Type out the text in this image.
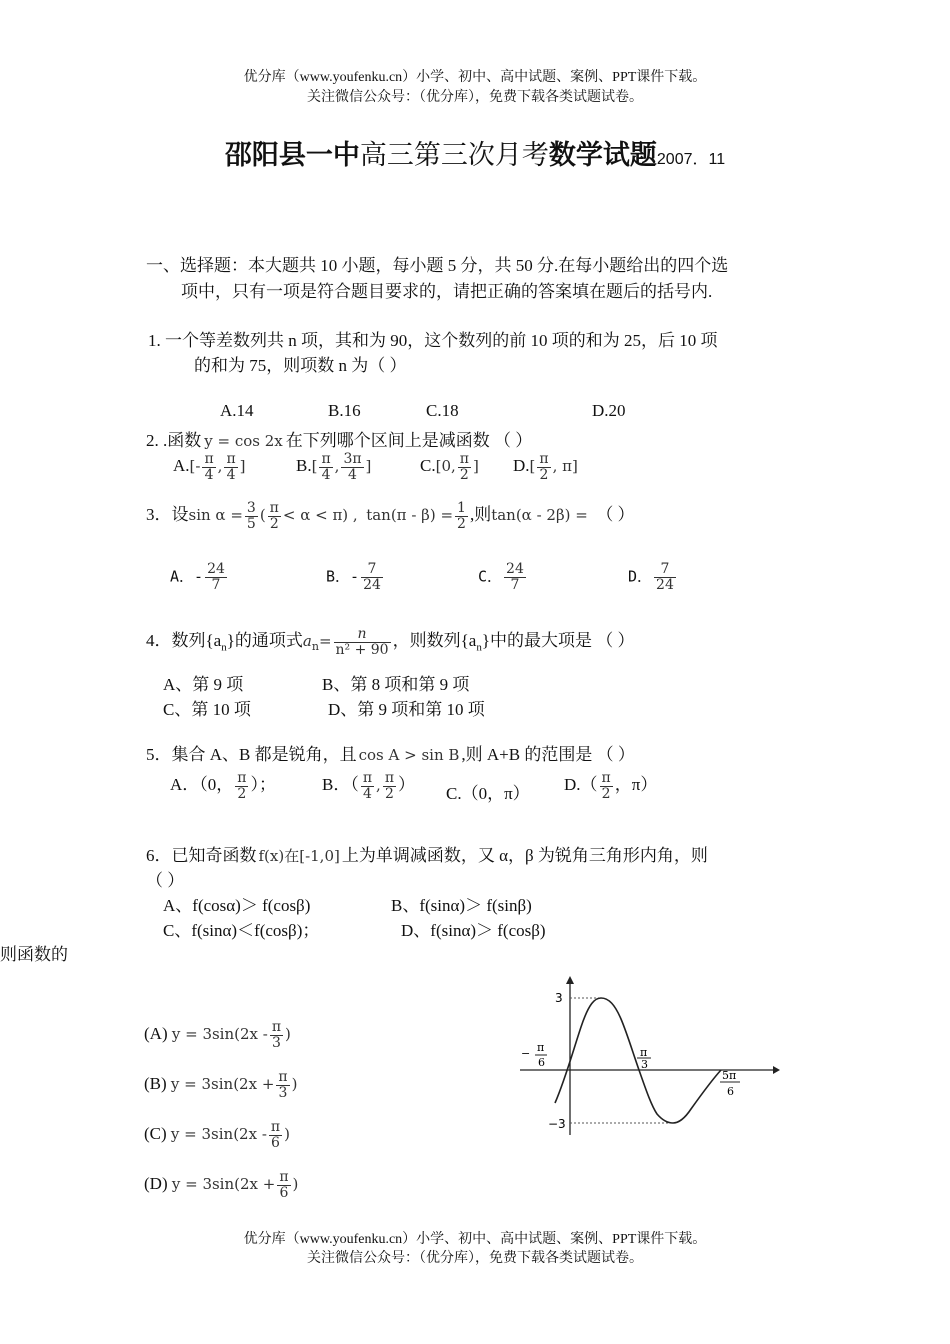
优分库（www.youfenku.cn）小学、初中、高中试题、案例、PPT课件下载。
关注微信公众号：（优分库），免费下载各类试题试卷。
邵阳县一中高三第三次月考数学试题2007．11
一、选择题：本大题共 10 小题，每小题 5 分，共 50 分.在每小题给出的四个选
项中，只有一项是符合题目要求的，请把正确的答案填在题后的括号内.
1. 一个等差数列共 n 项，其和为 90，这个数列的前 10 项的和为 25，后 10 项
的和为 75，则项数 n 为（ ）
A.14	B.16	C.18	D.20
2. .函数 y = cos 2x 在下列哪个区间上是减函数 （ ）
$A.[- \frac{\pi}{4}$ , $\frac{\pi}{4}$ ]	$B.[ \frac{\pi}{4}$ , $\frac{3\pi}{4}$ ]	C.[0, $\frac{\pi}{2}$ ] $D.[ \frac{\pi}{2}$ , π]
3．设$\sin \alpha = \frac{3}{5}$ ( $\frac{\pi}{2} < \alpha < \pi$) , $\tan(\pi - \beta) = \frac{1}{2}$ ,则tan(α - 2β) = （ ）
A．- $\frac{24}{7}$	B．- $\frac{7}{24}$	C． $\frac{24}{7}$	D． $\frac{7}{24}$
4．数列$\{a_n\}$的通项式$a_n= \frac{n}{\text{n² + 90}}$ ，则数列$\{a_n\}$中的最大项是 （ ）
A、第 9 项	B、第 8 项和第 9 项
C、第 10 项	D、第 9 项和第 10 项
5．集合 A、B 都是锐角，且 cos A > sin B ,则 A+B 的范围是 （ ）
A．（0， $\frac{\pi}{2}$ ）；	B．（ $\frac{\pi}{4}$ , $\frac{\pi}{2}$ ） C.（0，π） $D.( \frac{\pi}{2}$ ，π）
6．已知奇函数 f(x)在[-1,0] 上为单调减函数，又 α，β 为锐角三角形内角，则
（ ）
A、f(cosα)＞ f(cosβ)	B、f(sinα)＞ f(sinβ)
C、f(sinα)＜f(cosβ)；	D、f(sinα)＞ f(cosβ)
则函数的
(A) $y = 3\sin(2x - \frac{\pi}{3}$ )
(B) $y = 3\sin(2x + \frac{\pi}{3}$ )
(C) $y = 3\sin(2x - \frac{\pi}{6}$ )
(D) $y = 3\sin(2x + \frac{\pi}{6}$ )
3
−3
− π
6
π
3
5π
6
优分库（www.youfenku.cn）小学、初中、高中试题、案例、PPT课件下载。
关注微信公众号：（优分库），免费下载各类试题试卷。
